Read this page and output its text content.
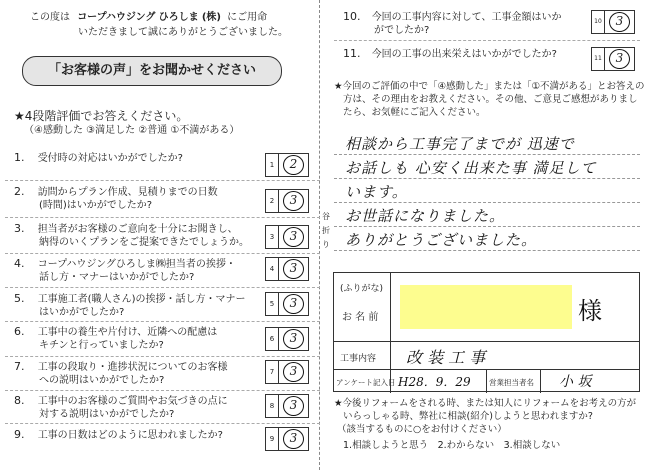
谷 折 り
この度は コープハウジング ひろしま (株) にご用命
いただきまして誠にありがとうございました。
「お客様の声」をお聞かせください
★4段階評価でお答えください。
（④感動した ③満足した ②普通 ①不満がある）
1. 受付時の対応はいかがでしたか?
1	2
2. 訪問からプラン作成、見積りまでの日数
(時間)はいかがでしたか?	2	3
3. 担当者がお客様のご意向を十分にお聞きし、
納得のいくプランをご提案できたでしょうか。	3	3
4. コープハウジングひろしま㈱担当者の挨拶・
話し方・マナーはいかがでしたか?
4	3
5. 工事施工者(職人さん)の挨拶・話し方・マナー
はいかがでしたか?
5	3
6. 工事中の養生や片付け、近隣への配慮は
キチンと行っていましたか?
6	3
7. 工事の段取り・進捗状況についてのお客様
への説明はいかがでしたか?
7	3
8. 工事中のお客様のご質問やお気づきの点に
対する説明はいかがでしたか?
8	3
9. 工事の日数はどのように思われましたか?	9	3
10. 今回の工事内容に対して、工事金額はいか
がでしたか?
10	3
11. 今回の工事の出来栄えはいかがでしたか?	11	3
★今回のご評価の中で「④感動した」または「①不満がある」とお答えの
方は、その理由をお教えください。その他、ご意見ご感想がありまし
たら、お気軽にご記入ください。
相談から工事完了までが 迅速で
お話しも 心安く出来た事 満足して
います。
お世話になりました。
ありがとうございました。
(ふりがな)
お 名 前	様
工事内容 改 装 工 事
アンケート記入日 H28．9．29 営業担当者名 小 坂
★今後リフォームをされる時、または知人にリフォームをお考えの方が
いらっしゃる時、弊社に相談(紹介)しようと思われますか?
（該当するものに○をお付けください）
1.相談しようと思う　2.わからない　3.相談しない
